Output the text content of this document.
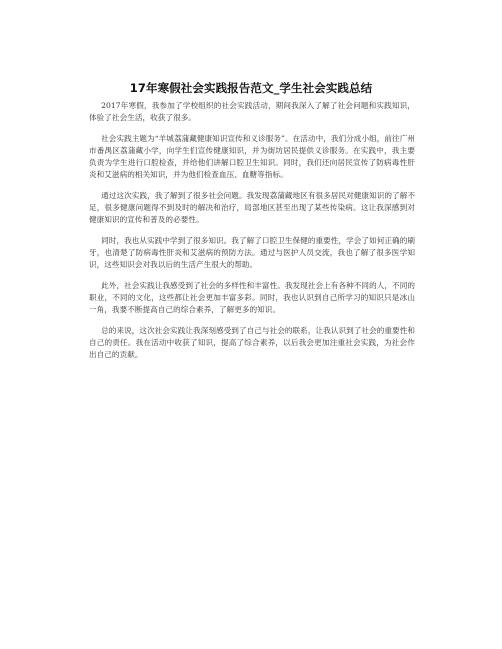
17年寒假社会实践报告范文_学生社会实践总结

2017年寒假，我参加了学校组织的社会实践活动，期间我深入了解了社会问题和实践知识，体验了社会生活，收获了很多。

社会实践主题为“羊城荔蒲藏健康知识宣传和义诊服务”。在活动中，我们分成小组，前往广州市番禺区荔蒲藏小学，向学生们宣传健康知识，并为街坊居民提供义诊服务。在实践中，我主要负责为学生进行口腔检查，并给他们讲解口腔卫生知识。同时，我们还向居民宣传了防病毒性肝炎和艾滋病的相关知识，并为他们检查血压、血糖等指标。

通过这次实践，我了解到了很多社会问题。我发现荔蒲藏地区有很多居民对健康知识的了解不足，很多健康问题得不到及时的解决和治疗，局部地区甚至出现了某些传染病。这让我深感到对健康知识的宣传和普及的必要性。

同时，我也从实践中学到了很多知识。我了解了口腔卫生保健的重要性，学会了如何正确的刷牙，也清楚了防病毒性肝炎和艾滋病的预防方法。通过与医护人员交流，我也了解了很多医学知识，这些知识会对我以后的生活产生很大的帮助。

此外，社会实践让我感受到了社会的多样性和丰富性。我发现社会上有各种不同的人，不同的职业，不同的文化，这些都让社会更加丰富多彩。同时，我也认识到自己所学习的知识只是冰山一角，我要不断提高自己的综合素养，了解更多的知识。

总的来说，这次社会实践让我深刻感受到了自己与社会的联系，让我认识到了社会的重要性和自己的责任。我在活动中收获了知识，提高了综合素养，以后我会更加注重社会实践，为社会作出自己的贡献。
